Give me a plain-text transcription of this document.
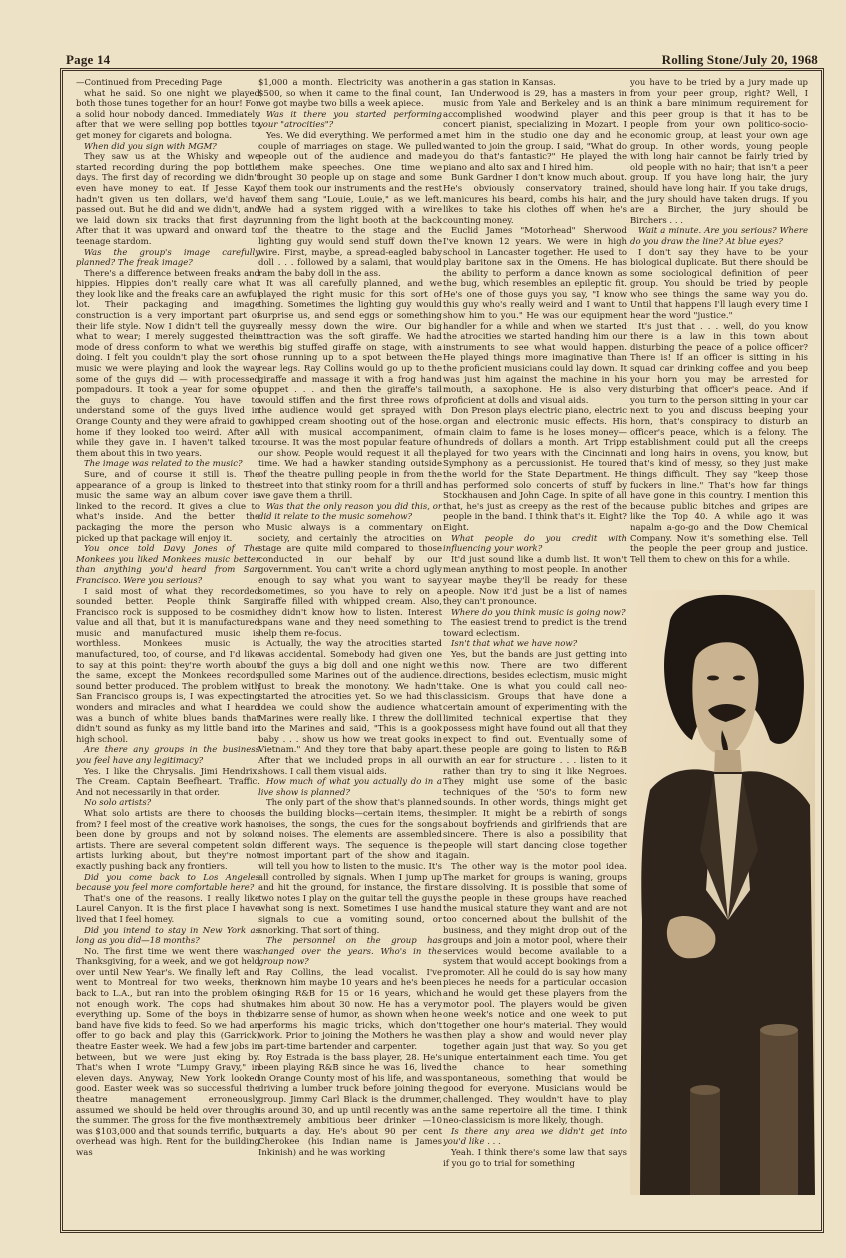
Page 14	Rolling Stone/July 20, 1968

—Continued from Preceding Page

what he said. So one night we played both those tunes together for an hour! For a solid hour nobody danced. Immediately after that we were selling pop bottles to get money for cigarets and bologna.

When did you sign with MGM?

They saw us at the Whisky and we started recording during the pop bottle days. The first day of recording we didn't even have money to eat. If Jesse Kay hadn't given us ten dollars, we'd have passed out. But he did and we didn't, and we laid down six tracks that first day. After that it was upward and onward to teenage stardom.

Was the group's image carefully planned? The freak image?

There's a difference between freaks and hippies. Hippies don't really care what they look like and the freaks care an awful lot. Their packaging and image construction is a very important part of their life style. Now I didn't tell the guys what to wear; I merely suggested their mode of dress conform to what we were doing. I felt you couldn't play the sort of music we were playing and look the way some of the guys did — with processed pompadours. It took a year for some of the guys to change. You have to understand some of the guys lived in Orange County and they were afraid to go home if they looked too weird. After a while they gave in. I haven't talked to them about this in two years.

The image was related to the music?

Sure, and of course it still is. The appearance of a group is linked to the music the same way an album cover is linked to the record. It gives a clue to what's inside. And the better the packaging the more the person who picked up that package will enjoy it.

You once told Davy Jones of The Monkees you liked Monkees music better than anything you'd heard from San Francisco. Were you serious?

I said most of what they recorded sounded better. People think San Francisco rock is supposed to be cosmic value and all that, but it is manufactured music and manufactured music is worthless. Monkees music is manufactured, too, of course, and I'd like to say at this point: they're worth about the same, except the Monkees records sound better produced. The problem with San Francisco groups is, I was expecting wonders and miracles and what I heard was a bunch of white blues bands that didn't sound as funky as my little band in high school.

Are there any groups in the business you feel have any legitimacy?

Yes. I like the Chrysalis. Jimi Hendrix. The Cream. Captain Beefheart. Traffic. And not necessarily in that order.

No solo artists?

What solo artists are there to choose from? I feel most of the creative work has been done by groups and not by solo artists. There are several competent solo artists lurking about, but they're not exactly pushing back any frontiers.

Did you come back to Los Angeles because you feel more comfortable here?

That's one of the reasons. I really like Laurel Canyon. It is the first place I have lived that I feel homey.

Did you intend to stay in New York as long as you did—18 months?

No. The first time we went there was Thanksgiving, for a week, and we got held over until New Year's. We finally left and went to Montreal for two weeks, then back to L.A., but ran into the problem of not enough work. The cops had shut everything up. Some of the boys in the band have five kids to feed. So we had an offer to go back and play this (Garrick) theatre Easter week. We had a few jobs in between, but we were just eking by. That's when I wrote "Lumpy Gravy," in eleven days. Anyway, New York looked good. Easter week was so successful the theatre management erroneously assumed we should be held over through the summer. The gross for the five months was $103,000 and that sounds terrific, but overhead was high. Rent for the building was

$1,000 a month. Electricity was another $500, so when it came to the final count, we got maybe two bills a week apiece.

Was it there you started performing your "atrocities"?

Yes. We did everything. We performed a couple of marriages on stage. We pulled people out of the audience and made them make speeches. One time we brought 30 people up on stage and some of them took our instruments and the rest of them sang "Louie, Louie," as we left. We had a system rigged with a wire running from the light booth at the back of the theatre to the stage and the lighting guy would send stuff down the wire. First, maybe, a spread-eagled baby doll . . . followed by a salami, that would ram the baby doll in the ass.

It was all carefully planned, and we played the right music for this sort of thing. Sometimes the lighting guy would surprise us, and send eggs or something really messy down the wire. Our big attraction was the soft giraffe. We had this big stuffed giraffe on stage, with a hose running up to a spot between the rear legs. Ray Collins would go up to the giraffe and massage it with a frog hand puppet . . . and then the giraffe's tail would stiffen and the first three rows of the audience would get sprayed with whipped cream shooting out of the hose. All with musical accompaniment, of course. It was the most popular feature of our show. People would request it all the time. We had a hawker standing outside of the theatre pulling people in from the street into that stinky room for a thrill and we gave them a thrill.

Was that the only reason you did this, or did it relate to the music somehow?

Music always is a commentary on society, and certainly the atrocities on stage are quite mild compared to those conducted in our behalf by our government. You can't write a chord ugly enough to say what you want to say sometimes, so you have to rely on a giraffe filled with whipped cream. Also, they didn't know how to listen. Interest spans wane and they need something to help them re-focus.

Actually, the way the atrocities started was accidental. Somebody had given one of the guys a big doll and one night we pulled some Marines out of the audience. Just to break the monotony. We hadn't started the atrocities yet. So we had this idea we could show the audience what Marines were really like. I threw the doll to the Marines and said, "This is a gook baby . . . show us how we treat gooks in Vietnam." And they tore that baby apart. After that we included props in all our shows. I call them visual aids.

How much of what you actually do in a live show is planned?

The only part of the show that's planned is the building blocks—certain items, the noises, the songs, the cues for the songs and noises. The elements are assembled in different ways. The sequence is the most important part of the show and it will tell you how to listen to the music. It's all controlled by signals. When I jump up and hit the ground, for instance, the first two notes I play on the guitar tell the guys what song is next. Sometimes I use hand signals to cue a vomiting sound, or snorking. That sort of thing.

The personnel on the group has changed over the years. Who's in the group now?

Ray Collins, the lead vocalist. I've known him maybe 10 years and he's been singing R&B for 15 or 16 years, which makes him about 30 now. He has a very bizarre sense of humor, as shown when he performs his magic tricks, which don't work. Prior to joining the Mothers he was a part-time bartender and carpenter.

Roy Estrada is the bass player, 28. He's been playing R&B since he was 16, lived in Orange County most of his life, and was driving a lumber truck before joining the group. Jimmy Carl Black is the drummer, is around 30, and up until recently was an extremely ambitious beer drinker —10 quarts a day. He's about 90 per cent Cherokee (his Indian name is James Inkinish) and he was working

in a gas station in Kansas.

Ian Underwood is 29, has a masters in music from Yale and Berkeley and is an accomplished woodwind player and concert pianist, specializing in Mozart. I met him in the studio one day and he wanted to join the group. I said, "What do you do that's fantastic?" He played the piano and alto sax and I hired him.

Bunk Gardner I don't know much about. He's obviously conservatory trained, manicures his beard, combs his hair, and likes to take his clothes off when he's counting money.

Euclid James "Motorhead" Sherwood I've known 12 years. We were in high school in Lancaster together. He used to play baritone sax in the Omens. He has the ability to perform a dance known as the bug, which resembles an epileptic fit. He's one of those guys you say, "I know this guy who's really weird and I want to show him to you." He was our equipment handler for a while and when we started the atrocities we started handing him our instruments to see what would happen. He played things more imaginative than the proficient musicians could lay down. It was just him against the machine in his mouth, a saxophone. He is also very proficient at dolls and visual aids.

Don Preson plays electric piano, electric organ and electronic music effects. His main claim to fame is he loses money—hundreds of dollars a month. Art Tripp played for two years with the Cincinnati Symphony as a percussionist. He toured the world for the State Department. He has performed solo concerts of stuff by Stockhausen and John Cage. In spite of all that, he's just as creepy as the rest of the people in the band. I think that's it. Eight? Eight.

What people do you credit with influencing your work?

It'd just sound like a dumb list. It won't mean anything to most people. In another year maybe they'll be ready for these people. Now it'd just be a list of names they can't pronounce.

Where do you think music is going now?

The easiest trend to predict is the trend toward eclectism.

Isn't that what we have now?

Yes, but the bands are just getting into this now. There are two different directions, besides eclectism, music might take. One is what you could call neo-classicism. Groups that have done a certain amount of experimenting with the limited technical expertise that they possess might have found out all that they expect to find out. Eventually some of these people are going to listen to R&B with an ear for structure . . . listen to it rather than try to sing it like Negroes. They might use some of the basic techniques of the '50's to form new sounds. In other words, things might get simpler. It might be a rebirth of songs about boyfriends and girlfriends that are sincere. There is also a possibility that people will start dancing close together again.

The other way is the motor pool idea. The market for groups is waning, groups are dissolving. It is possible that some of the people in these groups have reached the musical stature they want and are not too concerned about the bullshit of the business, and they might drop out of the groups and join a motor pool, where their services would become available to a system that would accept bookings from a promoter. All he could do is say how many pieces he needs for a particular occasion and he would get these players from the motor pool. The players would be given one week's notice and one week to put together one hour's material. They would then play a show and would never play together again just that way. So you get unique entertainment each time. You get the chance to hear something spontaneous, something that would be good for everyone. Musicians would be challenged. They wouldn't have to play the same repertoire all the time. I think neo-classicism is more likely, though.

Is there any area we didn't get into you'd like . . .

Yeah. I think there's some law that says if you go to trial for something

you have to be tried by a jury made up from your peer group, right? Well, I think a bare minimum requirement for this peer group is that it has to be people from your own politico-socio-economic group, at least your own age group. In other words, young people with long hair cannot be fairly tried by old people with no hair; that isn't a peer group. If you have long hair, the jury should have long hair. If you take drugs, the jury should have taken drugs. If you are a Bircher, the jury should be Birchers . . .

Wait a minute. Are you serious? Where do you draw the line? At blue eyes?

I don't say they have to be your biological duplicate. But there should be some sociological definition of peer group. You should be tried by people who see things the same way you do. Until that happens I'll laugh every time I hear the word "justice."

It's just that . . . well, do you know there is a law in this town about disturbing the peace of a police officer? There is! If an officer is sitting in his squad car drinking coffee and you beep your horn you may be arrested for disturbing that officer's peace. And if you turn to the person sitting in your car next to you and discuss beeping your horn, that's conspiracy to disturb an officer's peace, which is a felony. The establishment could put all the creeps and long hairs in ovens, you know, but that's kind of messy, so they just make things difficult. They say "keep those fuckers in line." That's how far things have gone in this country. I mention this because public bitches and gripes are like the Top 40. A while ago it was napalm a-go-go and the Dow Chemical Company. Now it's something else. Tell the people the peer group and justice. Tell them to chew on this for a while.
